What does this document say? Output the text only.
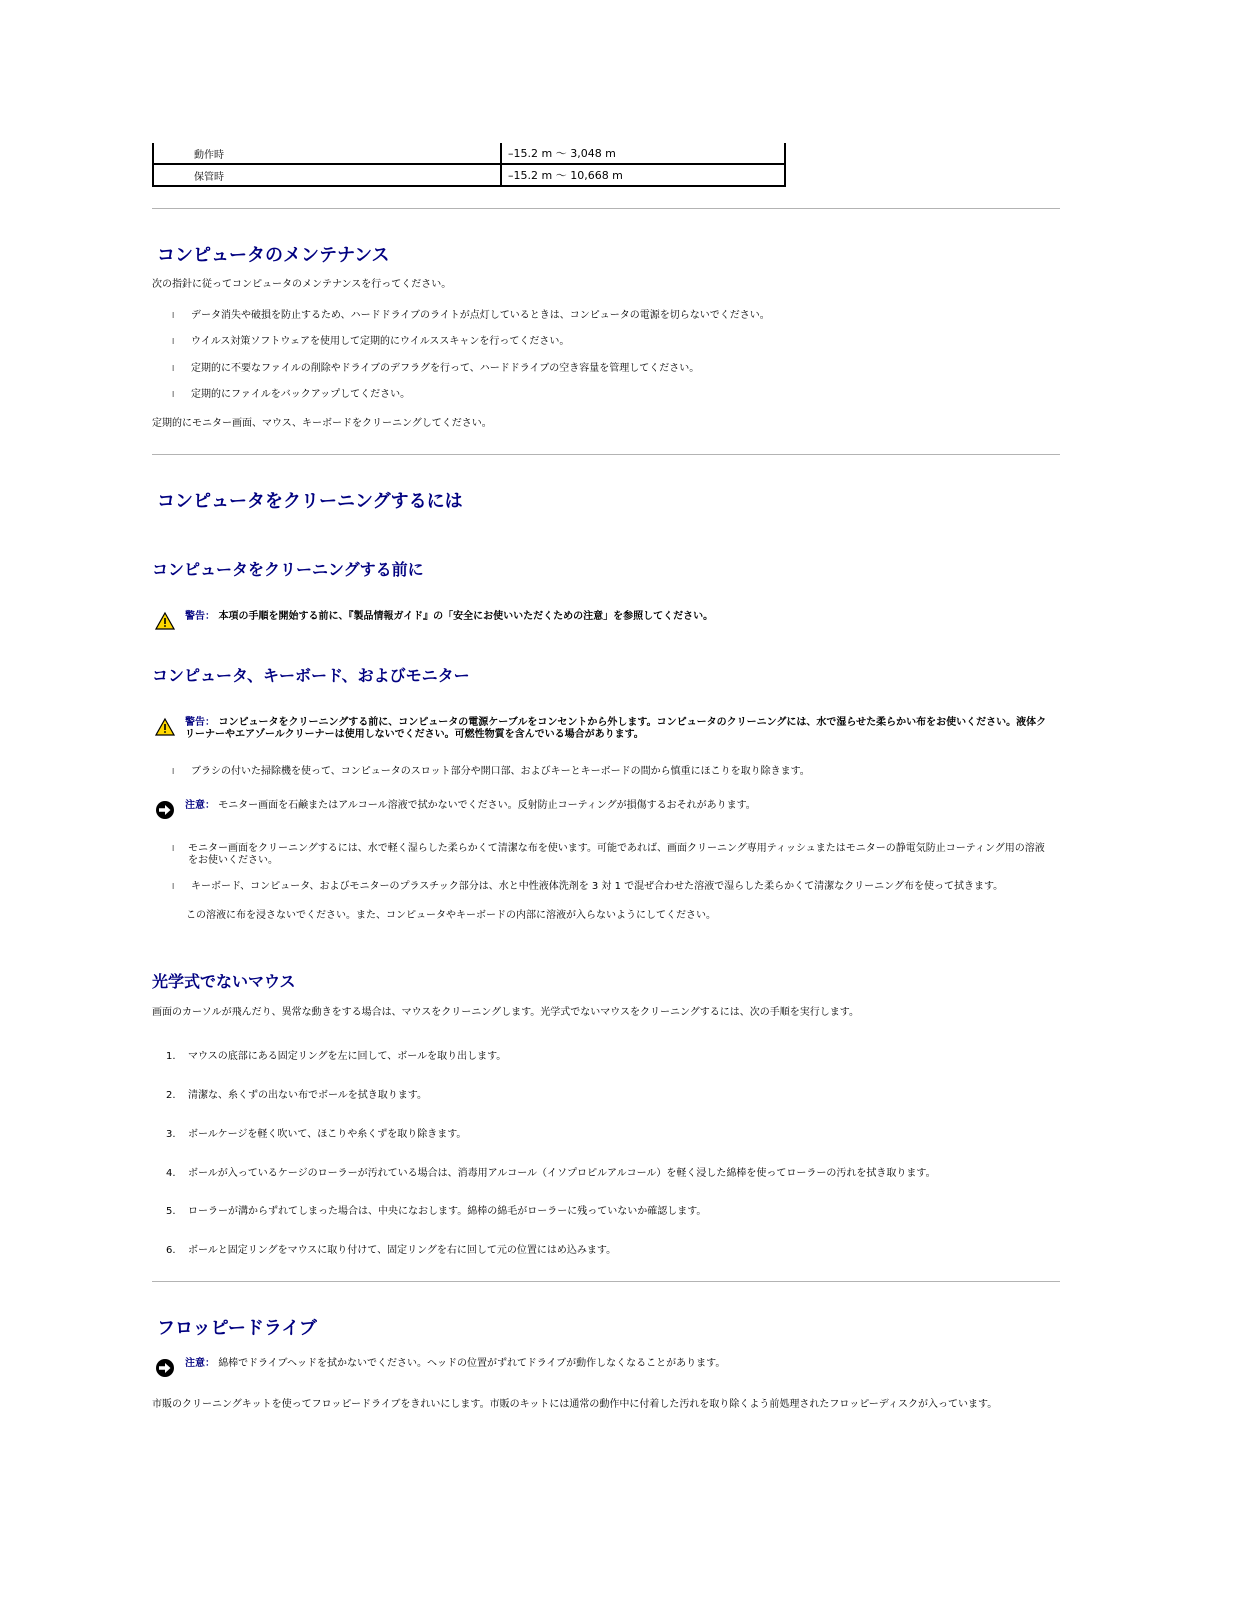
動作時	–15.2 m ～ 3,048 m
保管時	–15.2 m ～ 10,668 m
コンピュータのメンテナンス
次の指針に従ってコンピュータのメンテナンスを行ってください。
l データ消失や破損を防止するため、ハードドライブのライトが点灯しているときは、コンピュータの電源を切らないでください。
l ウイルス対策ソフトウェアを使用して定期的にウイルススキャンを行ってください。
l 定期的に不要なファイルの削除やドライブのデフラグを行って、ハードドライブの空き容量を管理してください。
l 定期的にファイルをバックアップしてください。
定期的にモニター画面、マウス、キーボードをクリーニングしてください。
コンピュータをクリーニングするには
コンピュータをクリーニングする前に
警告： 本項の手順を開始する前に、『製品情報ガイド』の「安全にお使いいただくための注意」を参照してください。
コンピュータ、キーボード、およびモニター
警告： コンピュータをクリーニングする前に、コンピュータの電源ケーブルをコンセントから外します。コンピュータのクリーニングには、水で湿らせた柔らかい布をお使いください。液体クリーナーやエアゾールクリーナーは使用しないでください。可燃性物質を含んでいる場合があります。
l ブラシの付いた掃除機を使って、コンピュータのスロット部分や開口部、およびキーとキーボードの間から慎重にほこりを取り除きます。
注意： モニター画面を石鹸またはアルコール溶液で拭かないでください。反射防止コーティングが損傷するおそれがあります。
l モニター画面をクリーニングするには、水で軽く湿らした柔らかくて清潔な布を使います。可能であれば、画面クリーニング専用ティッシュまたはモニターの静電気防止コーティング用の溶液をお使いください。
l キーボード、コンピュータ、およびモニターのプラスチック部分は、水と中性液体洗剤を 3 対 1 で混ぜ合わせた溶液で湿らした柔らかくて清潔なクリーニング布を使って拭きます。
この溶液に布を浸さないでください。また、コンピュータやキーボードの内部に溶液が入らないようにしてください。
光学式でないマウス
画面のカーソルが飛んだり、異常な動きをする場合は、マウスをクリーニングします。光学式でないマウスをクリーニングするには、次の手順を実行します。
1. マウスの底部にある固定リングを左に回して、ボールを取り出します。
2. 清潔な、糸くずの出ない布でボールを拭き取ります。
3. ボールケージを軽く吹いて、ほこりや糸くずを取り除きます。
4. ボールが入っているケージのローラーが汚れている場合は、消毒用アルコール（イソプロピルアルコール）を軽く浸した綿棒を使ってローラーの汚れを拭き取ります。
5. ローラーが溝からずれてしまった場合は、中央になおします。綿棒の綿毛がローラーに残っていないか確認します。
6. ボールと固定リングをマウスに取り付けて、固定リングを右に回して元の位置にはめ込みます。
フロッピードライブ
注意： 綿棒でドライブヘッドを拭かないでください。ヘッドの位置がずれてドライブが動作しなくなることがあります。
市販のクリーニングキットを使ってフロッピードライブをきれいにします。市販のキットには通常の動作中に付着した汚れを取り除くよう前処理されたフロッピーディスクが入っています。
